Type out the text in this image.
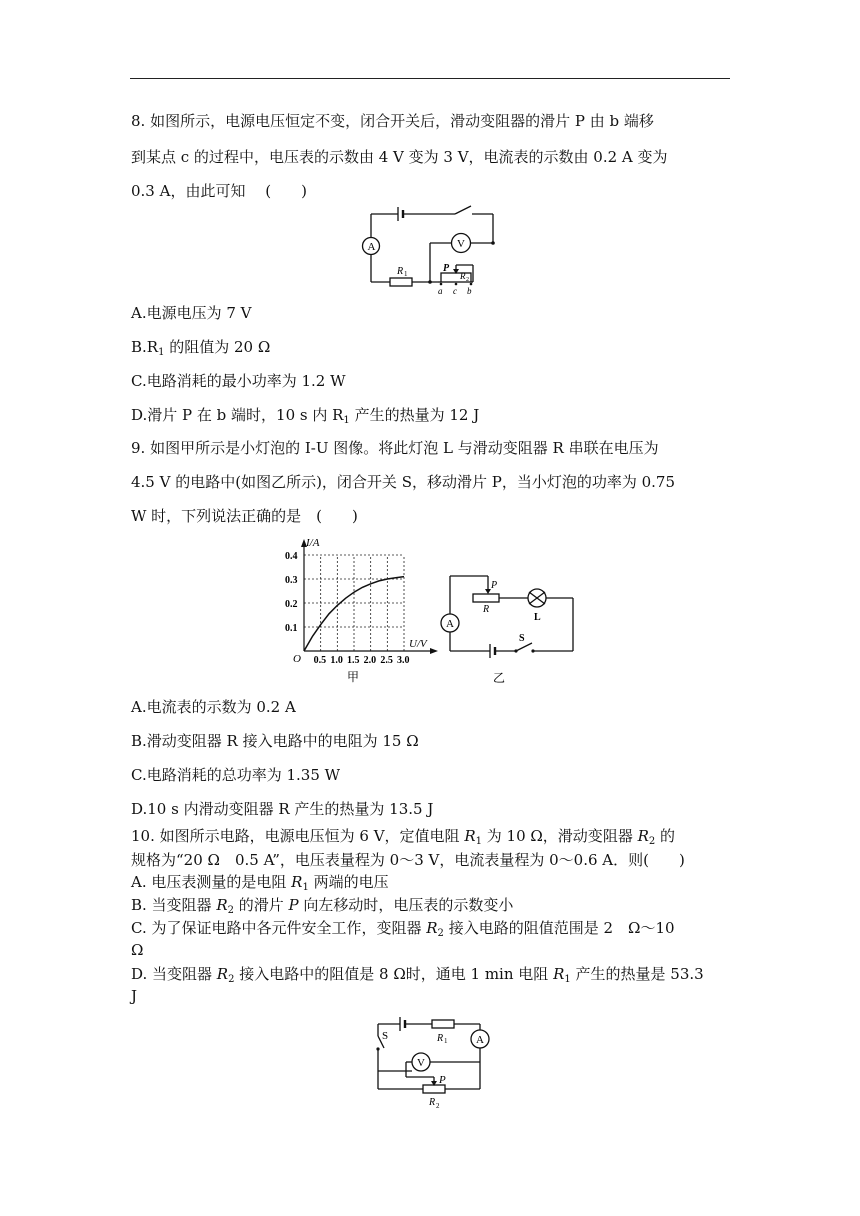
8. 如图所示，电源电压恒定不变，闭合开关后，滑动变阻器的滑片 P 由 b 端移
到某点 c 的过程中，电压表的示数由 4 V 变为 3 V，电流表的示数由 0.2 A 变为
0.3 A，由此可知　 (　　)
A	V
R 1	P
R 2
a c b
A.电源电压为 7 V
$B.R_1$ 的阻值为 20 Ω
C.电路消耗的最小功率为 1.2 W
D.滑片 P 在 b 端时，10 s 内 $R_1$ 产生的热量为 12 J
9. 如图甲所示是小灯泡的 I-U 图像。将此灯泡 L 与滑动变阻器 R 串联在电压为
4.5 V 的电路中(如图乙所示)，闭合开关 S，移动滑片 P，当小灯泡的功率为 0.75
W 时，下列说法正确的是　(　　)
0.5 1.0 1.5 2.0 2.5 3.0
0.1
0.2
0.3
0.4
I/A
U/V
O
甲
P
R
A
L
S
乙
A.电流表的示数为 0.2 A
B.滑动变阻器 R 接入电路中的电阻为 15 Ω
C.电路消耗的总功率为 1.35 W
D.10 s 内滑动变阻器 R 产生的热量为 13.5 J
10. 如图所示电路，电源电压恒为 6 V，定值电阻 $R_1$ 为 10 Ω，滑动变阻器 $R_2$ 的
规格为“20 Ω　0.5 A”，电压表量程为 0～3 V，电流表量程为 0～0.6 A．则(　　)
A. 电压表测量的是电阻 $R_1$ 两端的电压
B. 当变阻器 $R_2$ 的滑片 P 向左移动时，电压表的示数变小
C. 为了保证电路中各元件安全工作，变阻器 $R_2$ 接入电路的阻值范围是 2　Ω～10
Ω
D. 当变阻器 $R_2$ 接入电路中的阻值是 8 Ω时，通电 1 min 电阻 $R_1$ 产生的热量是 53.3
J
S	R 1	A
V
P
R 2
